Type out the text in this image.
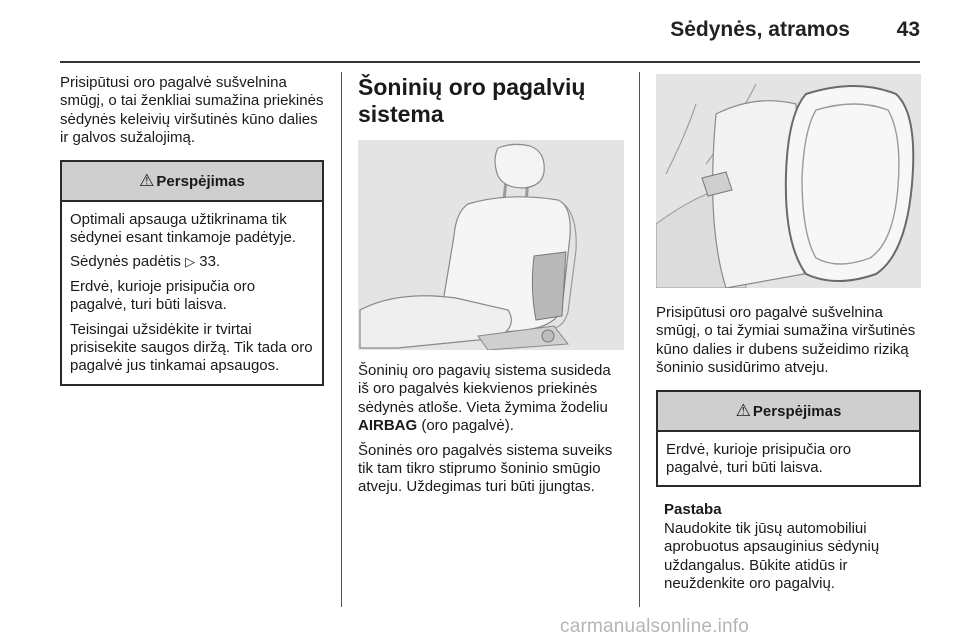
Sėdynės, atramos	43

Prisipūtusi oro pagalvė sušvelnina smūgį, o tai ženkliai sumažina priekinės sėdynės keleivių viršutinės kūno dalies ir galvos sužalojimą.

⚠ Perspėjimas

Optimali apsauga užtikrinama tik sėdynei esant tinkamoje padėtyje.

Sėdynės padėtis ▷ 33.

Erdvė, kurioje prisipučia oro pagalvė, turi būti laisva.

Teisingai užsidėkite ir tvirtai prisisekite saugos diržą. Tik tada oro pagalvė jus tinkamai apsaugos.

Šoninių oro pagalvių sistema

Šoninių oro pagavių sistema susideda iš oro pagalvės kiekvienos priekinės sėdynės atloše. Vieta žymima žodeliu AIRBAG (oro pagalvė).

Šoninės oro pagalvės sistema suveiks tik tam tikro stiprumo šoninio smūgio atveju. Uždegimas turi būti įjungtas.

Prisipūtusi oro pagalvė sušvelnina smūgį, o tai žymiai sumažina viršutinės kūno dalies ir dubens sužeidimo riziką šoninio susidūrimo atveju.

⚠ Perspėjimas

Erdvė, kurioje prisipučia oro pagalvė, turi būti laisva.

Pastaba

Naudokite tik jūsų automobiliui aprobuotus apsauginius sėdynių uždangalus. Būkite atidūs ir neuždenkite oro pagalvių.

carmanualsonline.info
